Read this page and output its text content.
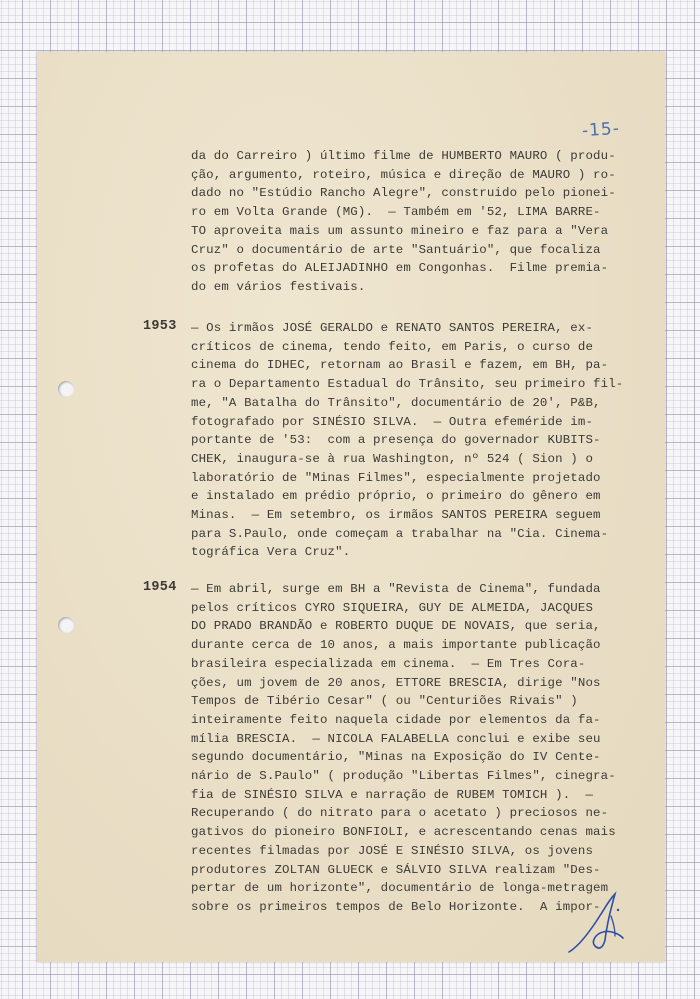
-15-
da do Carreiro ) último filme de HUMBERTO MAURO ( produ-
ção, argumento, roteiro, música e direção de MAURO ) ro-
dado no "Estúdio Rancho Alegre", construido pelo pionei-
ro em Volta Grande (MG).  — Também em '52, LIMA BARRE-
TO aproveita mais um assunto mineiro e faz para a "Vera
Cruz" o documentário de arte "Santuário", que focaliza
os profetas do ALEIJADINHO em Congonhas.  Filme premia-
do em vários festivais.
1953 — Os irmãos JOSÉ GERALDO e RENATO SANTOS PEREIRA, ex-
críticos de cinema, tendo feito, em Paris, o curso de
cinema do IDHEC, retornam ao Brasil e fazem, em BH, pa-
ra o Departamento Estadual do Trânsito, seu primeiro fil-
me, "A Batalha do Trânsito", documentário de 20', P&B,
fotografado por SINÉSIO SILVA.  — Outra efeméride im-
portante de '53:  com a presença do governador KUBITS-
CHEK, inaugura-se à rua Washington, nº 524 ( Sion ) o
laboratório de "Minas Filmes", especialmente projetado
e instalado em prédio próprio, o primeiro do gênero em
Minas.  — Em setembro, os irmãos SANTOS PEREIRA seguem
para S.Paulo, onde começam a trabalhar na "Cia. Cinema-
tográfica Vera Cruz".
1954 — Em abril, surge em BH a "Revista de Cinema", fundada
pelos críticos CYRO SIQUEIRA, GUY DE ALMEIDA, JACQUES
DO PRADO BRANDÃO e ROBERTO DUQUE DE NOVAIS, que seria,
durante cerca de 10 anos, a mais importante publicação
brasileira especializada em cinema.  — Em Tres Cora-
ções, um jovem de 20 anos, ETTORE BRESCIA, dirige "Nos
Tempos de Tibério Cesar" ( ou "Centuriões Rivais" )
inteiramente feito naquela cidade por elementos da fa-
mília BRESCIA.  — NICOLA FALABELLA conclui e exibe seu
segundo documentário, "Minas na Exposição do IV Cente-
nário de S.Paulo" ( produção "Libertas Filmes", cinegra-
fia de SINÉSIO SILVA e narração de RUBEM TOMICH ).  —
Recuperando ( do nitrato para o acetato ) preciosos ne-
gativos do pioneiro BONFIOLI, e acrescentando cenas mais
recentes filmadas por JOSÉ E SINÉSIO SILVA, os jovens
produtores ZOLTAN GLUECK e SÁLVIO SILVA realizam "Des-
pertar de um horizonte", documentário de longa-metragem
sobre os primeiros tempos de Belo Horizonte.  A impor-
